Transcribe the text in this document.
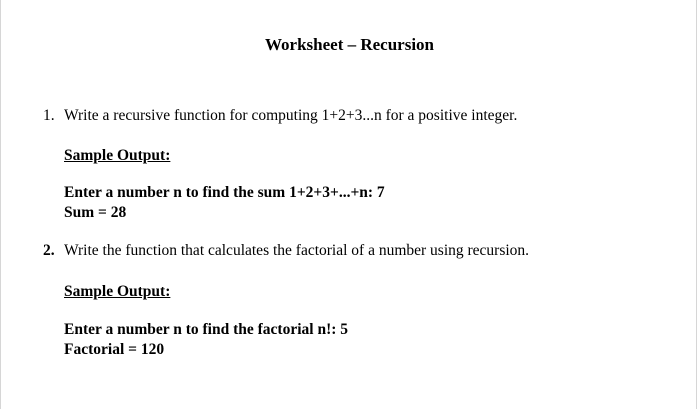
Worksheet – Recursion
1. Write a recursive function for computing 1+2+3...n for a positive integer.
Sample Output:
Enter a number n to find the sum 1+2+3+...+n: 7
Sum = 28
2. Write the function that calculates the factorial of a number using recursion.
Sample Output:
Enter a number n to find the factorial n!: 5
Factorial = 120
